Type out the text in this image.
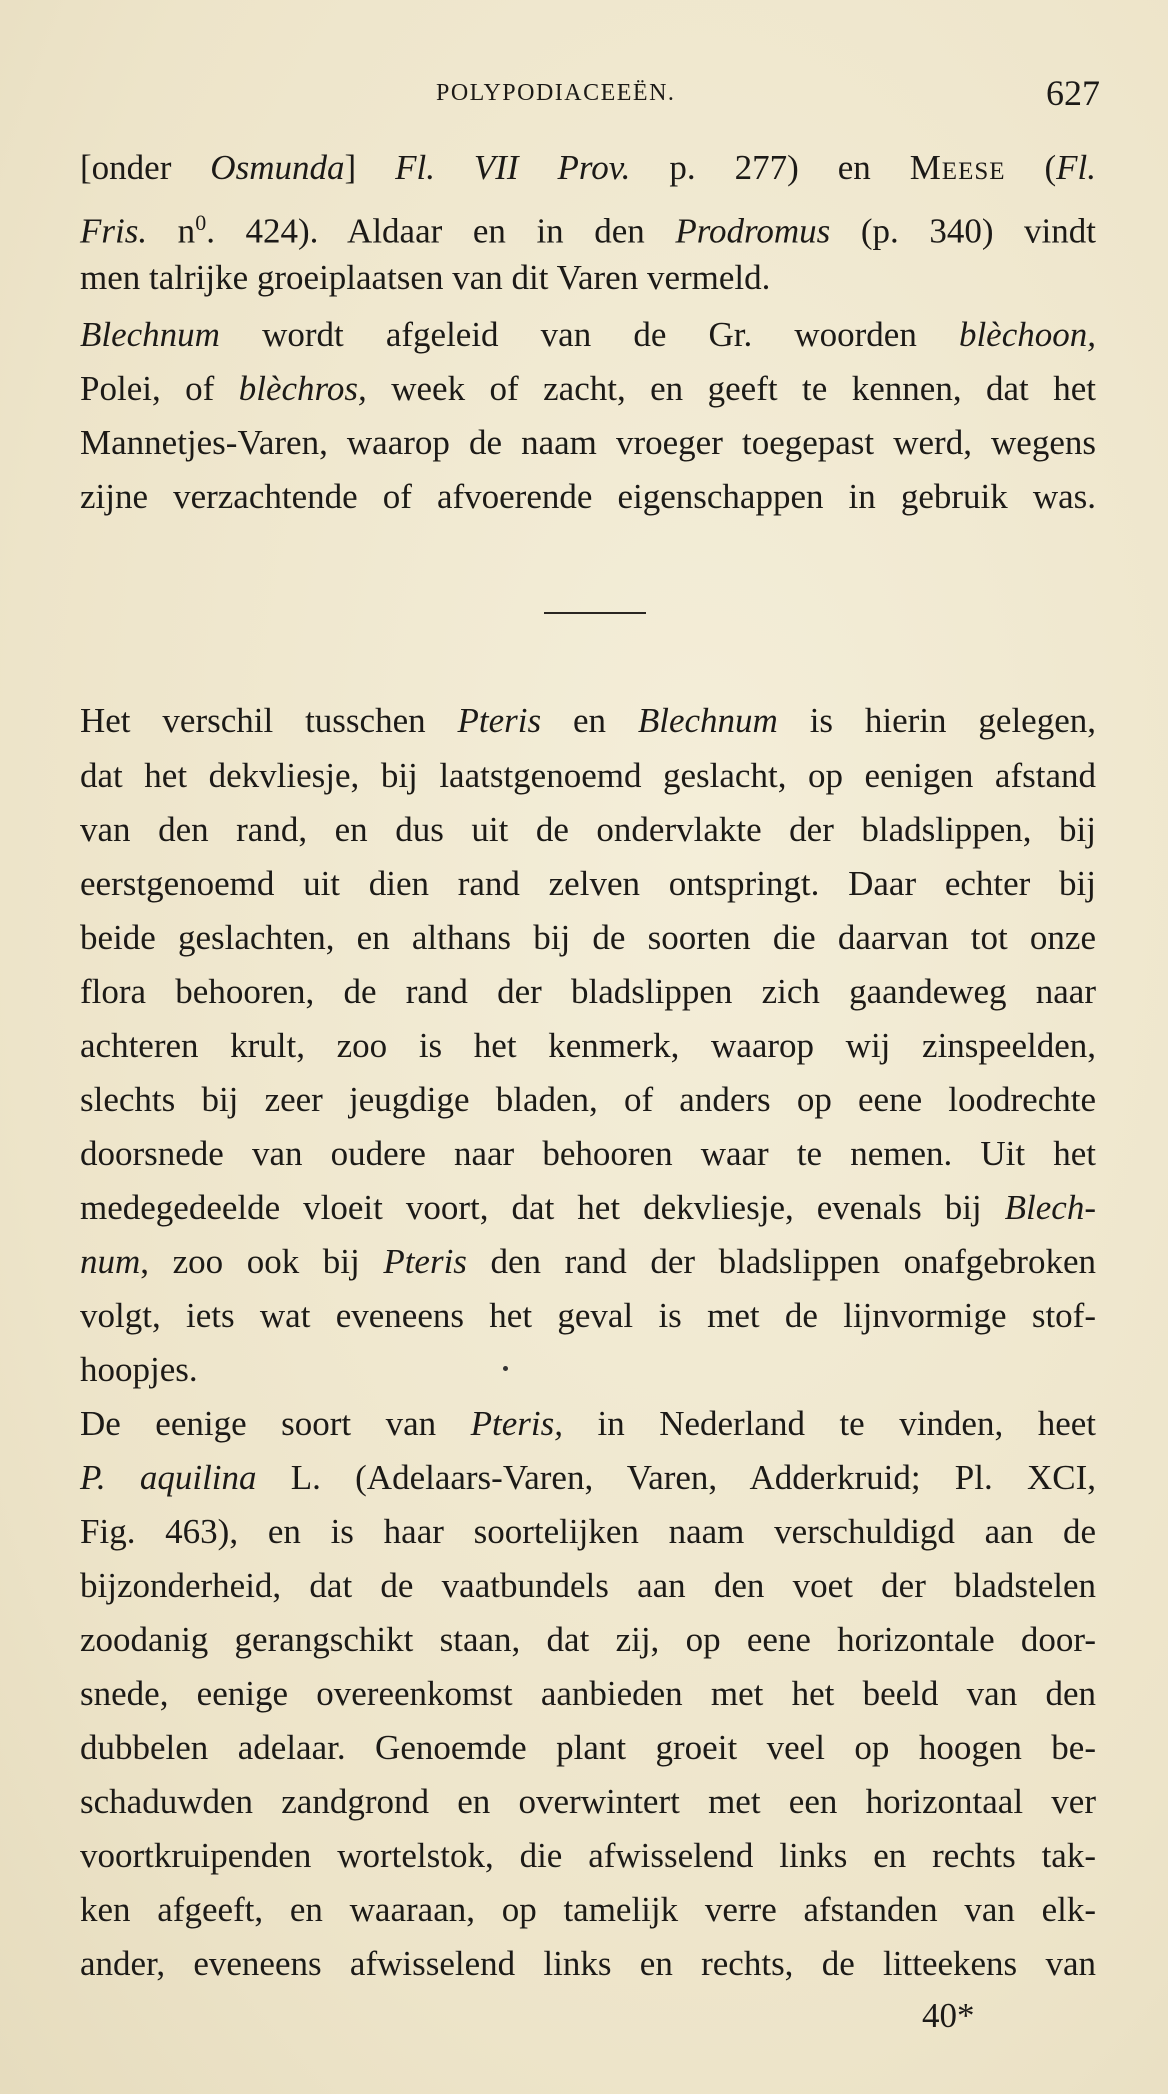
POLYPODIACEEËN.	627
[onder Osmunda] Fl. VII Prov. p. 277) en Meese (Fl.
Fris. $n^0$. 424). Aldaar en in den Prodromus (p. 340) vindt
men talrijke groeiplaatsen van dit Varen vermeld.
Blechnum wordt afgeleid van de Gr. woorden blèchoon,
Polei, of blèchros, week of zacht, en geeft te kennen, dat het
Mannetjes-Varen, waarop de naam vroeger toegepast werd, wegens
zijne verzachtende of afvoerende eigenschappen in gebruik was.
Het verschil tusschen Pteris en Blechnum is hierin gelegen,
dat het dekvliesje, bij laatstgenoemd geslacht, op eenigen afstand
van den rand, en dus uit de ondervlakte der bladslippen, bij
eerstgenoemd uit dien rand zelven ontspringt. Daar echter bij
beide geslachten, en althans bij de soorten die daarvan tot onze
flora behooren, de rand der bladslippen zich gaandeweg naar
achteren krult, zoo is het kenmerk, waarop wij zinspeelden,
slechts bij zeer jeugdige bladen, of anders op eene loodrechte
doorsnede van oudere naar behooren waar te nemen. Uit het
medegedeelde vloeit voort, dat het dekvliesje, evenals bij Blech-
num, zoo ook bij Pteris den rand der bladslippen onafgebroken
volgt, iets wat eveneens het geval is met de lijnvormige stof-
hoopjes.
De eenige soort van Pteris, in Nederland te vinden, heet
P. aquilina L. (Adelaars-Varen, Varen, Adderkruid; Pl. XCI,
Fig. 463), en is haar soortelijken naam verschuldigd aan de
bijzonderheid, dat de vaatbundels aan den voet der bladstelen
zoodanig gerangschikt staan, dat zij, op eene horizontale door-
snede, eenige overeenkomst aanbieden met het beeld van den
dubbelen adelaar. Genoemde plant groeit veel op hoogen be-
schaduwden zandgrond en overwintert met een horizontaal ver
voortkruipenden wortelstok, die afwisselend links en rechts tak-
ken afgeeft, en waaraan, op tamelijk verre afstanden van elk-
ander, eveneens afwisselend links en rechts, de litteekens van
40*
